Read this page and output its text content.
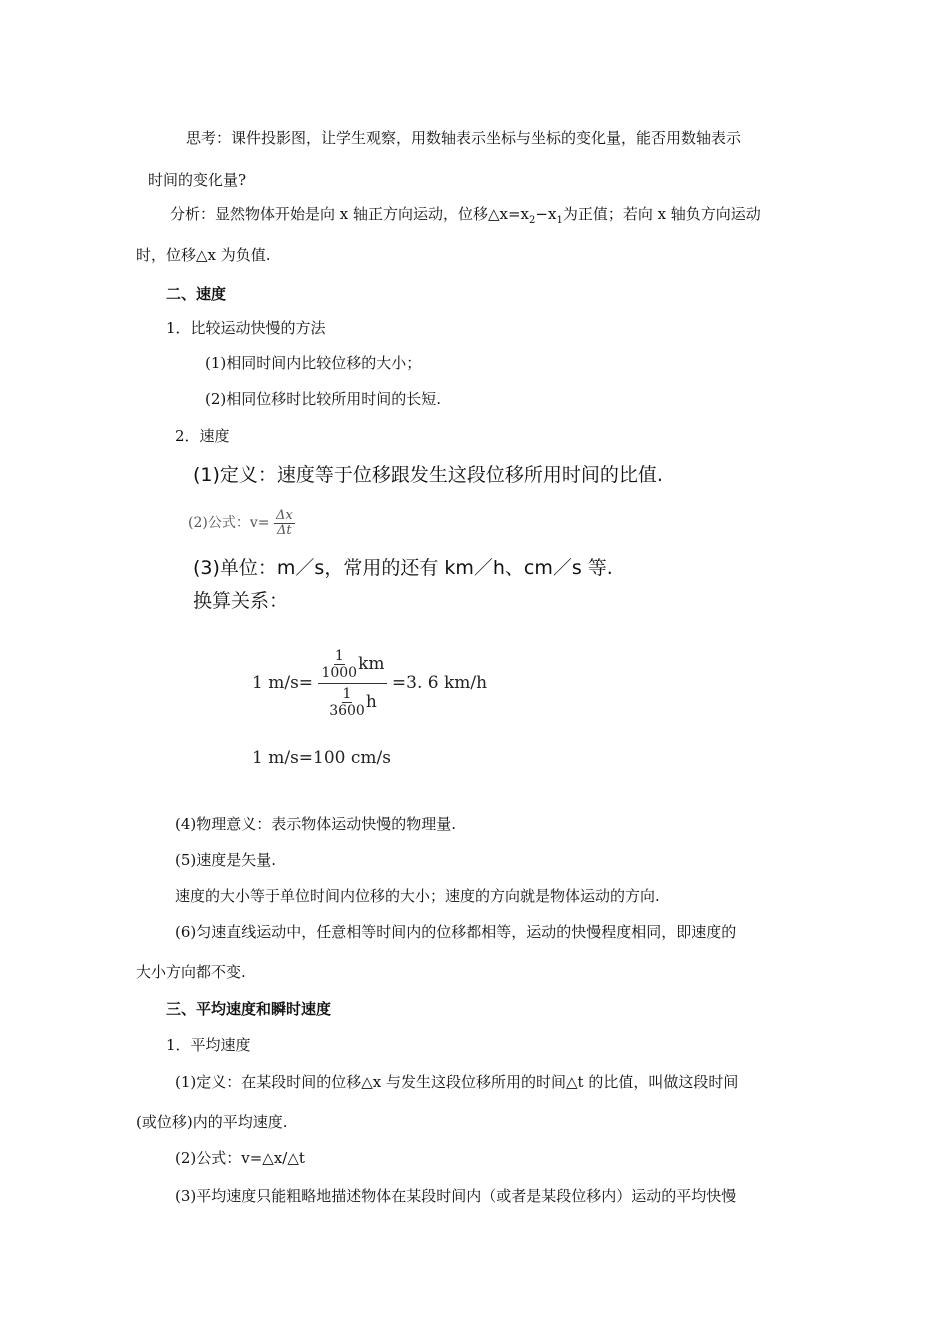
思考：课件投影图，让学生观察，用数轴表示坐标与坐标的变化量，能否用数轴表示
时间的变化量?
分析：显然物体开始是向 x 轴正方向运动，位移$\triangle x=x_2-x_1$为正值；若向 x 轴负方向运动
时，位移△x 为负值.
二、速度
1．比较运动快慢的方法
(1)相同时间内比较位移的大小；
(2)相同位移时比较所用时间的长短.
2．速度
(1)定义：速度等于位移跟发生这段位移所用时间的比值.
(2)公式：$v= \frac{\Delta x}{\Delta t}$
(3)单位：m／s，常用的还有 km／h、cm／s 等.
换算关系：
1 $m/s= \frac{\frac{1}{1000} km}{\frac{1}{3600} h} =3$. 6 km/h
1 m/s=100 cm/s
(4)物理意义：表示物体运动快慢的物理量.
(5)速度是矢量.
速度的大小等于单位时间内位移的大小；速度的方向就是物体运动的方向.
(6)匀速直线运动中，任意相等时间内的位移都相等，运动的快慢程度相同，即速度的
大小方向都不变.
三、平均速度和瞬时速度
1．平均速度
(1)定义：在某段时间的位移△x 与发生这段位移所用的时间△t 的比值，叫做这段时间
(或位移)内的平均速度.
(2)公式：v=△x/△t
(3)平均速度只能粗略地描述物体在某段时间内（或者是某段位移内）运动的平均快慢
